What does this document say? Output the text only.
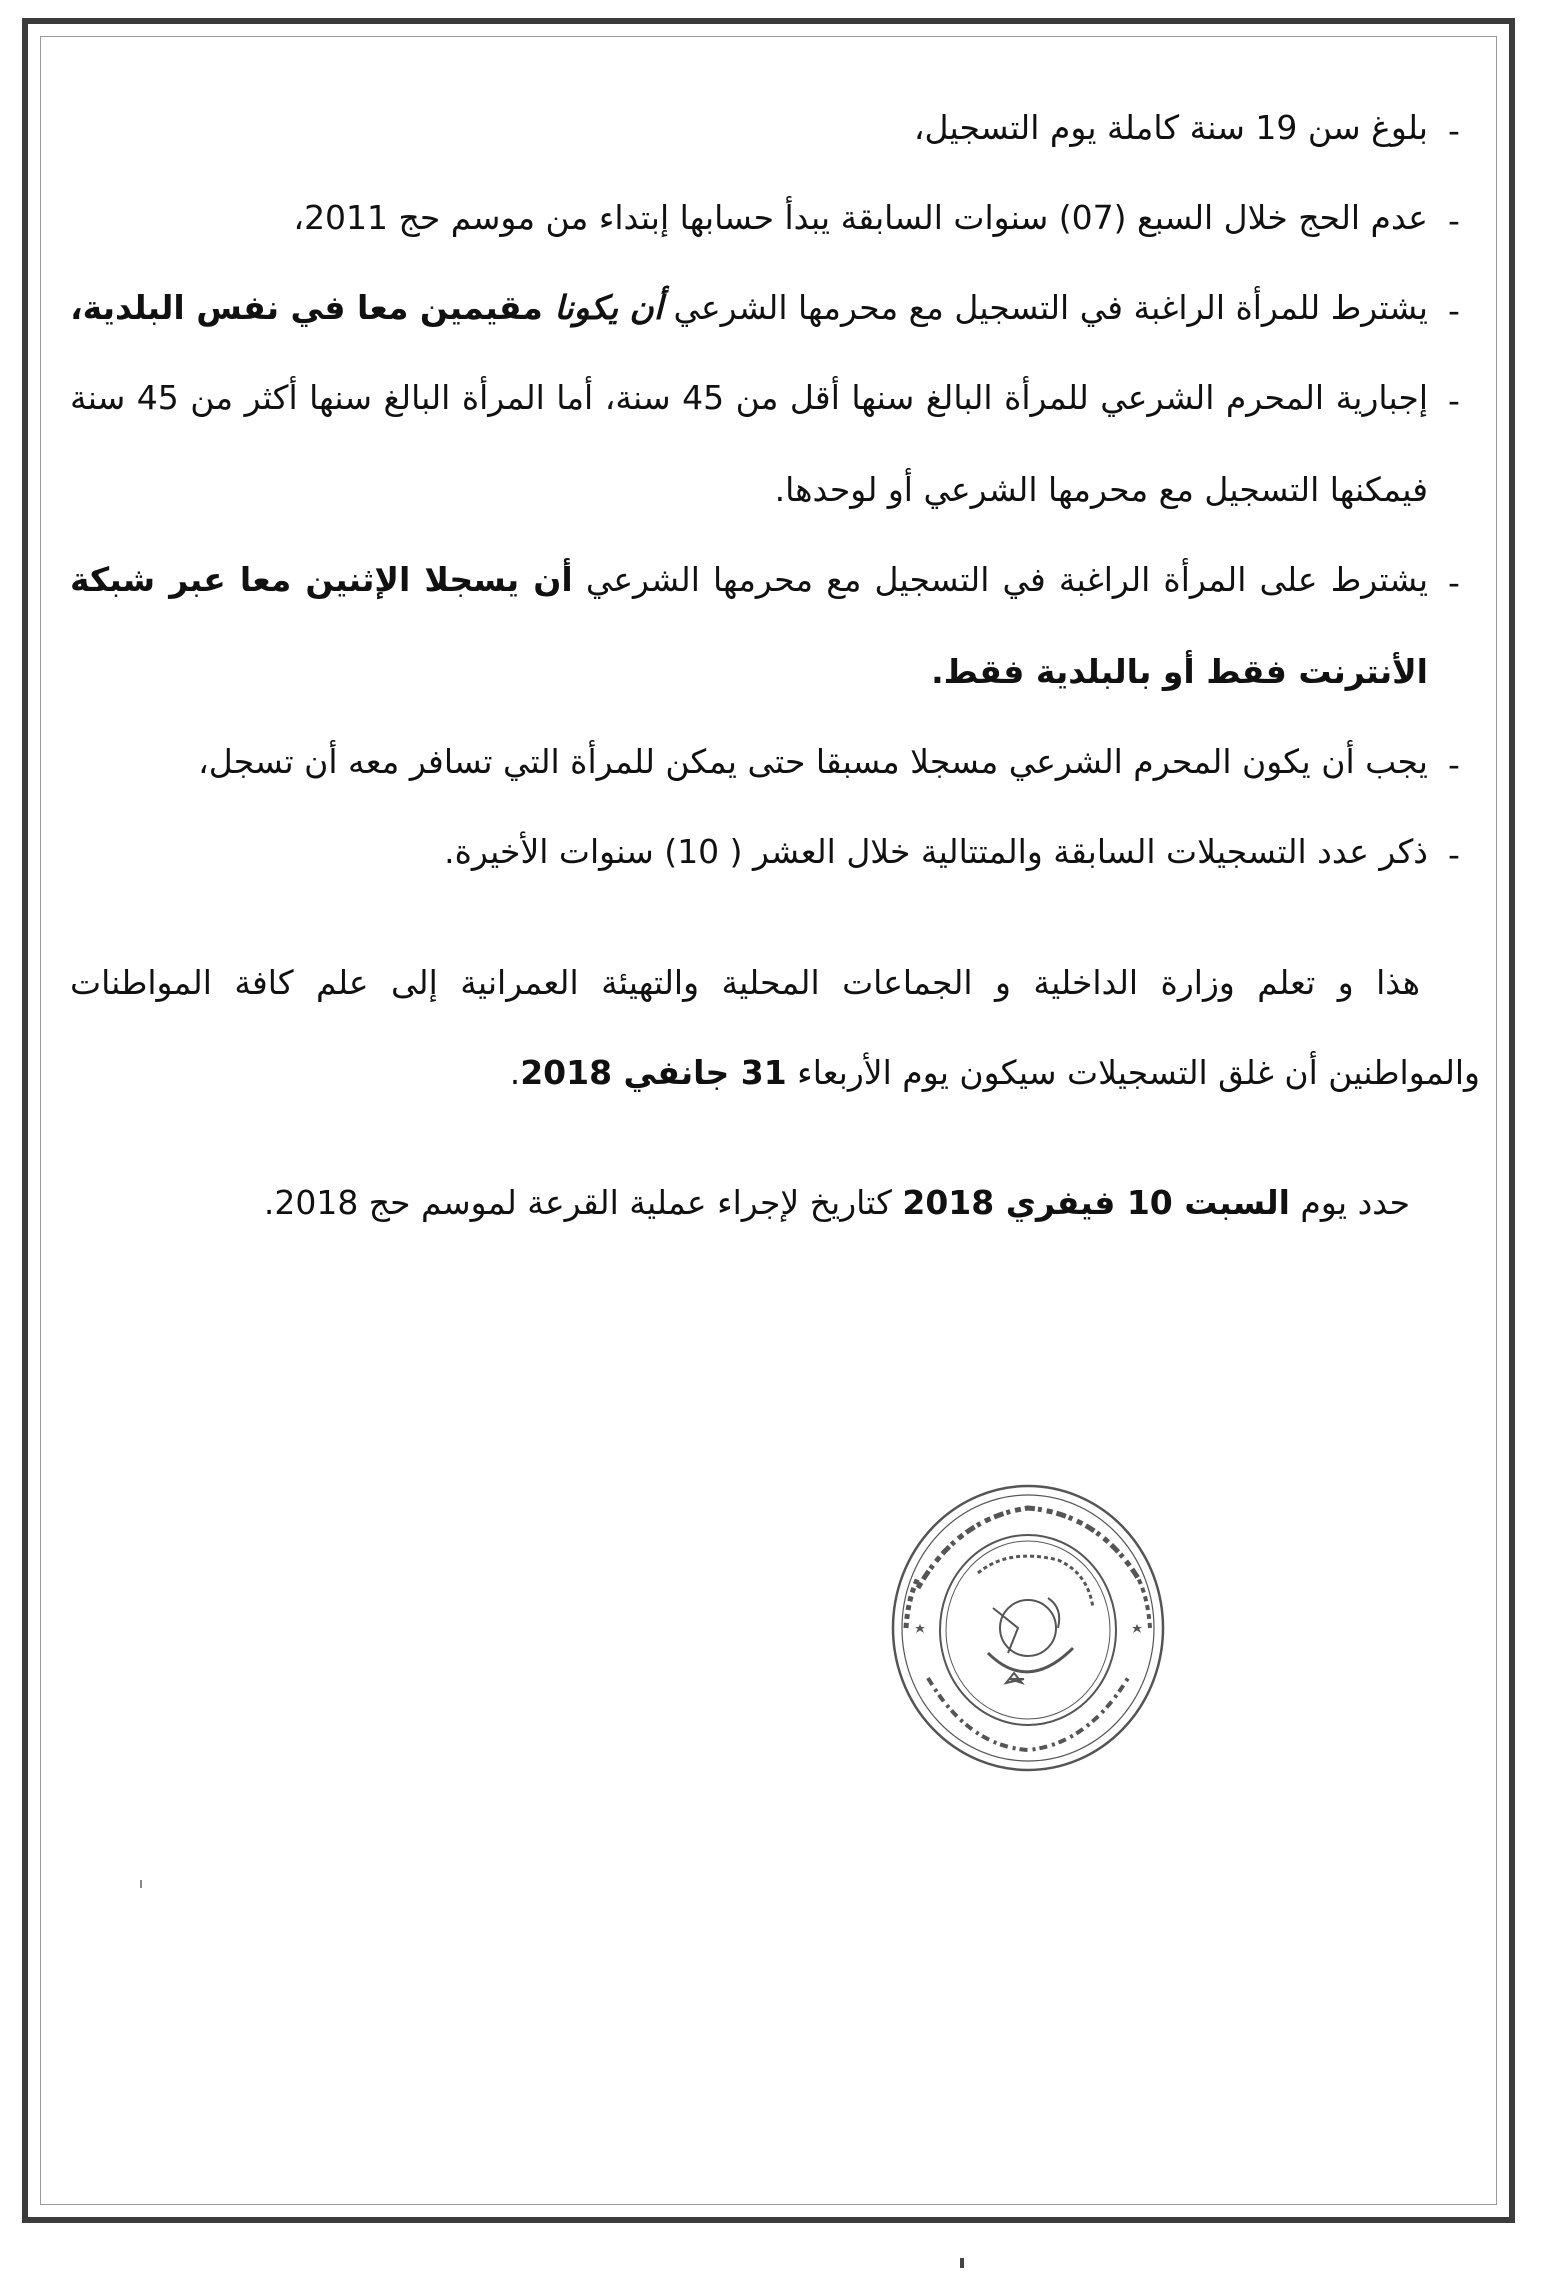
-
بلوغ سن 19 سنة كاملة يوم التسجيل،
-
عدم الحج خلال السبع (07) سنوات السابقة يبدأ حسابها إبتداء من موسم حج 2011،
-
يشترط للمرأة الراغبة في التسجيل مع محرمها الشرعي أن يكونا مقيمين معا في نفس البلدية،
-
إجبارية المحرم الشرعي للمرأة البالغ سنها أقل من 45 سنة، أما المرأة البالغ سنها أكثر من 45 سنة فيمكنها التسجيل مع محرمها الشرعي أو لوحدها.
-
يشترط على المرأة الراغبة في التسجيل مع محرمها الشرعي أن يسجلا الإثنين معا عبر شبكة الأنترنت فقط أو بالبلدية فقط.
-
يجب أن يكون المحرم الشرعي مسجلا مسبقا حتى يمكن للمرأة التي تسافر معه أن تسجل،
-
ذكر عدد التسجيلات السابقة والمتتالية خلال العشر ( 10) سنوات الأخيرة.

هذا و تعلم وزارة الداخلية و الجماعات المحلية والتهيئة العمرانية إلى علم كافة المواطنات والمواطنين أن غلق التسجيلات سيكون يوم الأربعاء 31 جانفي 2018.

حدد يوم السبت 10 فيفري 2018 كتاريخ لإجراء عملية القرعة لموسم حج 2018.
